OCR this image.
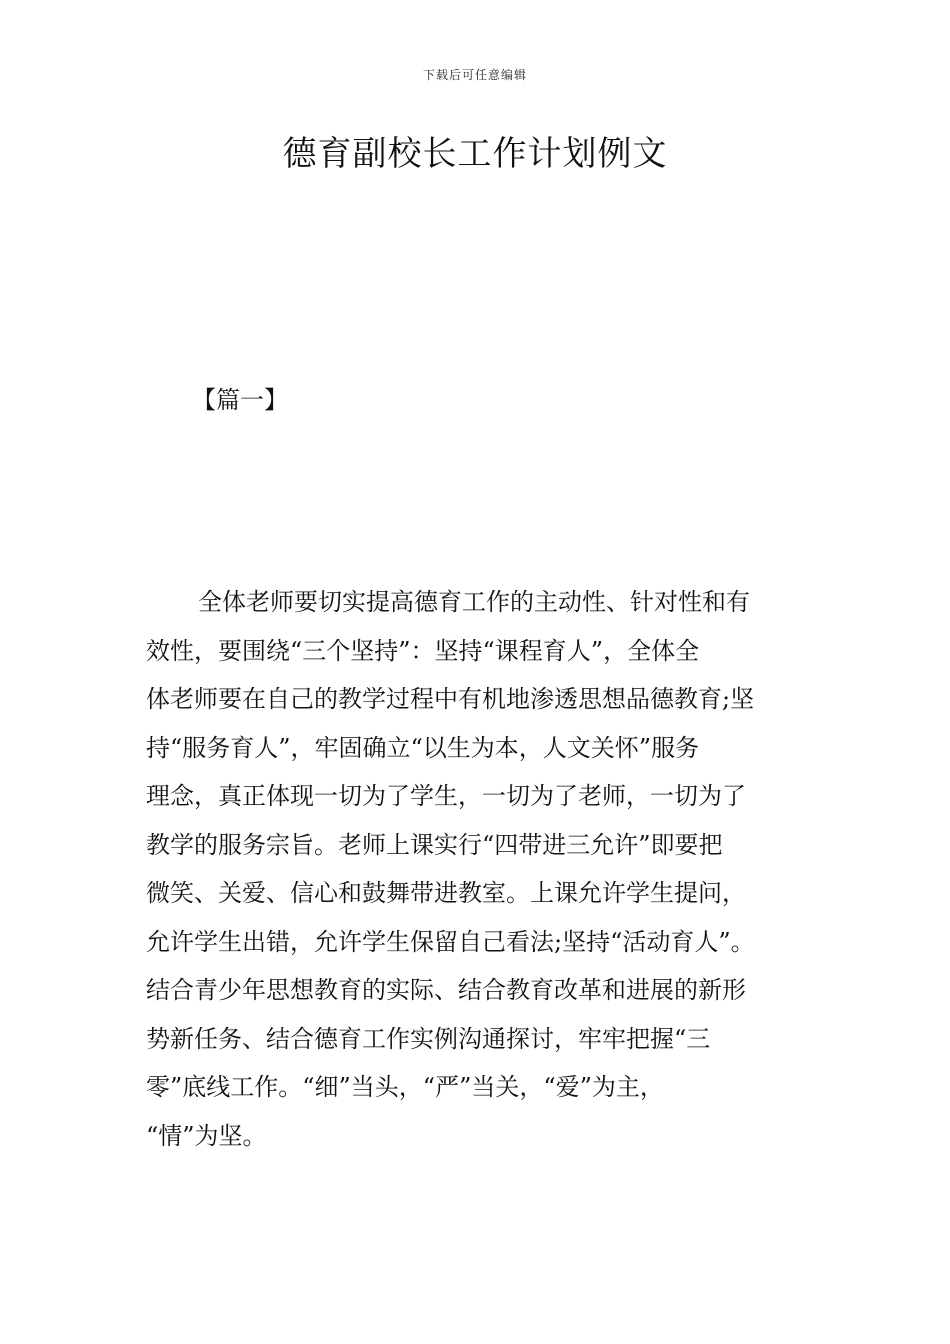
下载后可任意编辑
德育副校长工作计划例文
【篇一】
全体老师要切实提高德育工作的主动性、针对性和有
效性，要围绕“三个坚持”：坚持“课程育人”，全体全
体老师要在自己的教学过程中有机地渗透思想品德教育;坚
持“服务育人”，牢固确立“以生为本，人文关怀”服务
理念，真正体现一切为了学生，一切为了老师，一切为了
教学的服务宗旨。老师上课实行“四带进三允许”即要把
微笑、关爱、信心和鼓舞带进教室。上课允许学生提问，
允许学生出错，允许学生保留自己看法;坚持“活动育人”。
结合青少年思想教育的实际、结合教育改革和进展的新形
势新任务、结合德育工作实例沟通探讨，牢牢把握“三
零”底线工作。“细”当头，“严”当关，“爱”为主，
“情”为坚。
